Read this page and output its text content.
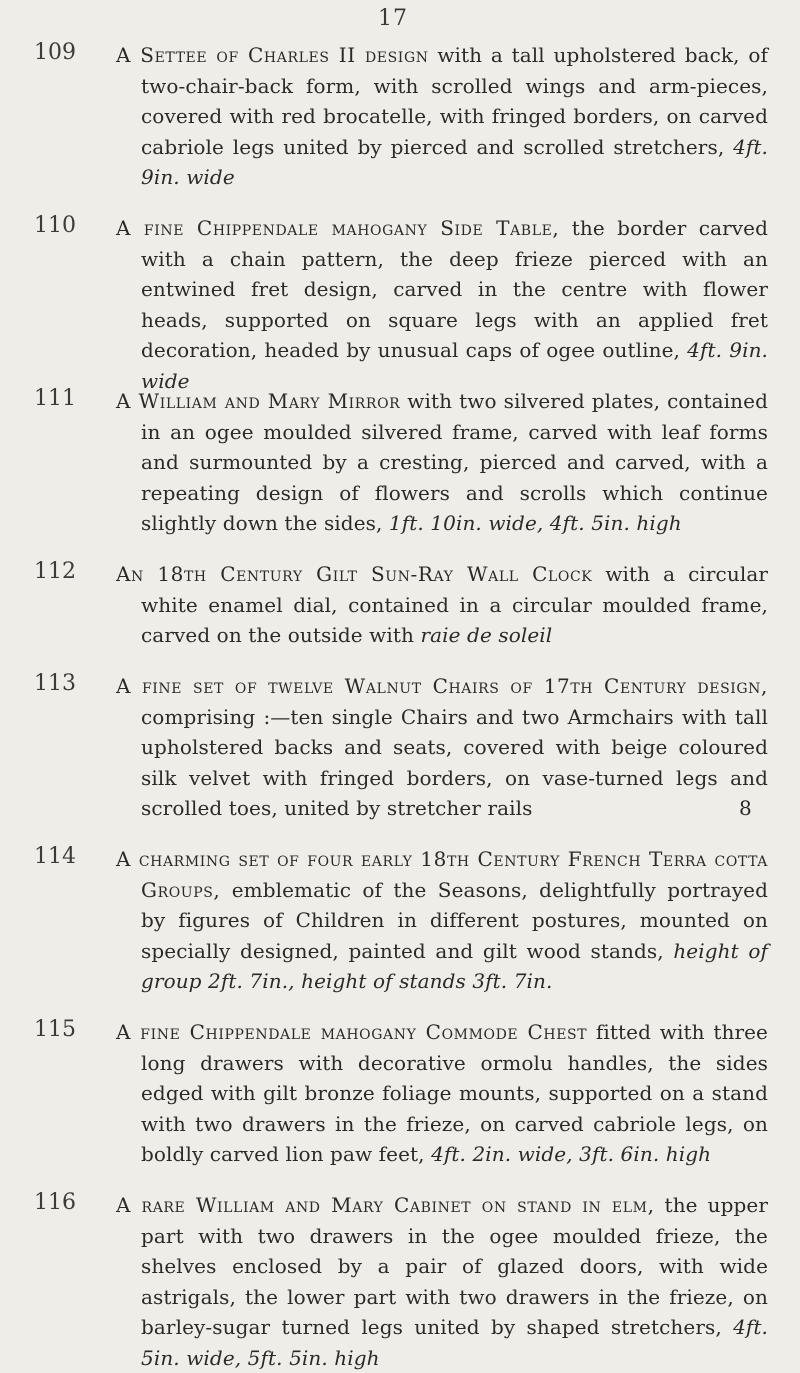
17
109 A Settee of Charles II design with a tall upholstered back, of two-chair-back form, with scrolled wings and arm-pieces, covered with red brocatelle, with fringed borders, on carved cabriole legs united by pierced and scrolled stretchers, 4ft. 9in. wide
110 A fine Chippendale mahogany Side Table, the border carved with a chain pattern, the deep frieze pierced with an entwined fret design, carved in the centre with flower heads, supported on square legs with an applied fret decoration, headed by unusual caps of ogee outline, 4ft. 9in. wide
111 A William and Mary Mirror with two silvered plates, contained in an ogee moulded silvered frame, carved with leaf forms and surmounted by a cresting, pierced and carved, with a repeating design of flowers and scrolls which continue slightly down the sides, 1ft. 10in. wide, 4ft. 5in. high
112 An 18th Century Gilt Sun-Ray Wall Clock with a circular white enamel dial, contained in a circular moulded frame, carved on the outside with raie de soleil
113 A fine set of twelve Walnut Chairs of 17th Century design, comprising :—ten single Chairs and two Armchairs with tall upholstered backs and seats, covered with beige coloured silk velvet with fringed borders, on vase-turned legs and scrolled toes, united by stretcher rails	8
114 A charming set of four early 18th Century French Terra cotta Groups, emblematic of the Seasons, delightfully portrayed by figures of Children in different postures, mounted on specially designed, painted and gilt wood stands, height of group 2ft. 7in., height of stands 3ft. 7in.
115 A fine Chippendale mahogany Commode Chest fitted with three long drawers with decorative ormolu handles, the sides edged with gilt bronze foliage mounts, supported on a stand with two drawers in the frieze, on carved cabriole legs, on boldly carved lion paw feet, 4ft. 2in. wide, 3ft. 6in. high
116 A rare William and Mary Cabinet on stand in elm, the upper part with two drawers in the ogee moulded frieze, the shelves enclosed by a pair of glazed doors, with wide astrigals, the lower part with two drawers in the frieze, on barley-sugar turned legs united by shaped stretchers, 4ft. 5in. wide, 5ft. 5in. high
